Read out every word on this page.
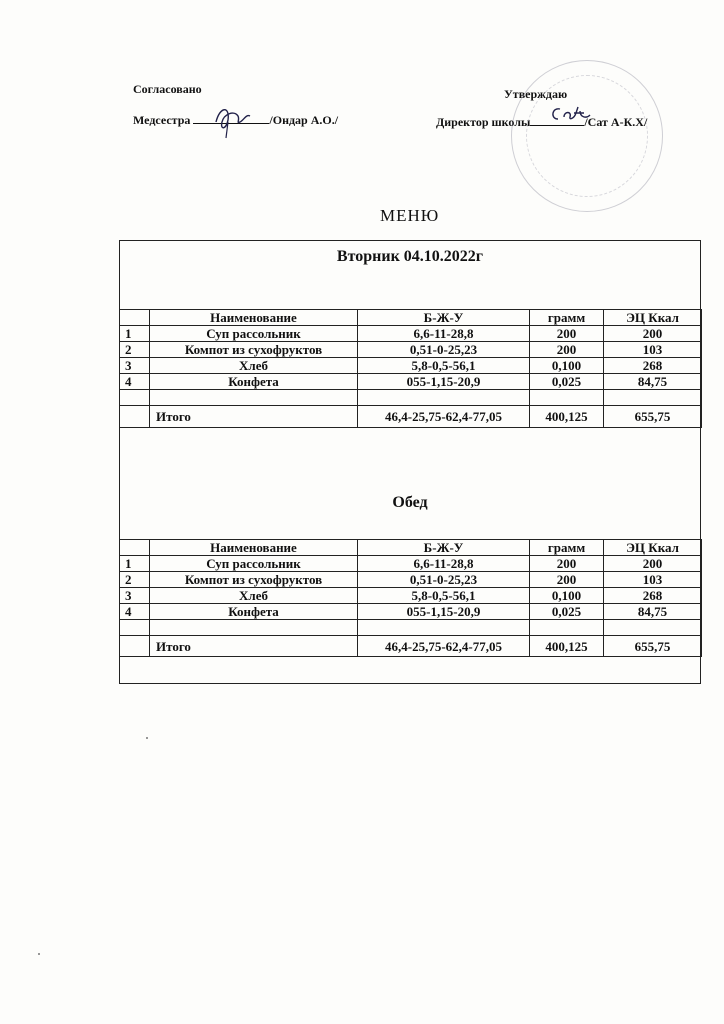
Согласовано
Медсестра	/Ондар А.О./
Утверждаю
Директор школы	/Сат А-К.Х/
МЕНЮ
Вторник 04.10.2022г
	Наименование	Б-Ж-У	грамм	ЭЦ Ккал
1	Суп рассольник	6,6-11-28,8	200	200
2	Компот из сухофруктов	0,51-0-25,23	200	103
3	Хлеб	5,8-0,5-56,1	0,100	268
4	Конфета	055-1,15-20,9	0,025	84,75

	Итого	46,4-25,75-62,4-77,05	400,125	655,75
Обед
	Наименование	Б-Ж-У	грамм	ЭЦ Ккал
1	Суп рассольник	6,6-11-28,8	200	200
2	Компот из сухофруктов	0,51-0-25,23	200	103
3	Хлеб	5,8-0,5-56,1	0,100	268
4	Конфета	055-1,15-20,9	0,025	84,75

	Итого	46,4-25,75-62,4-77,05	400,125	655,75
